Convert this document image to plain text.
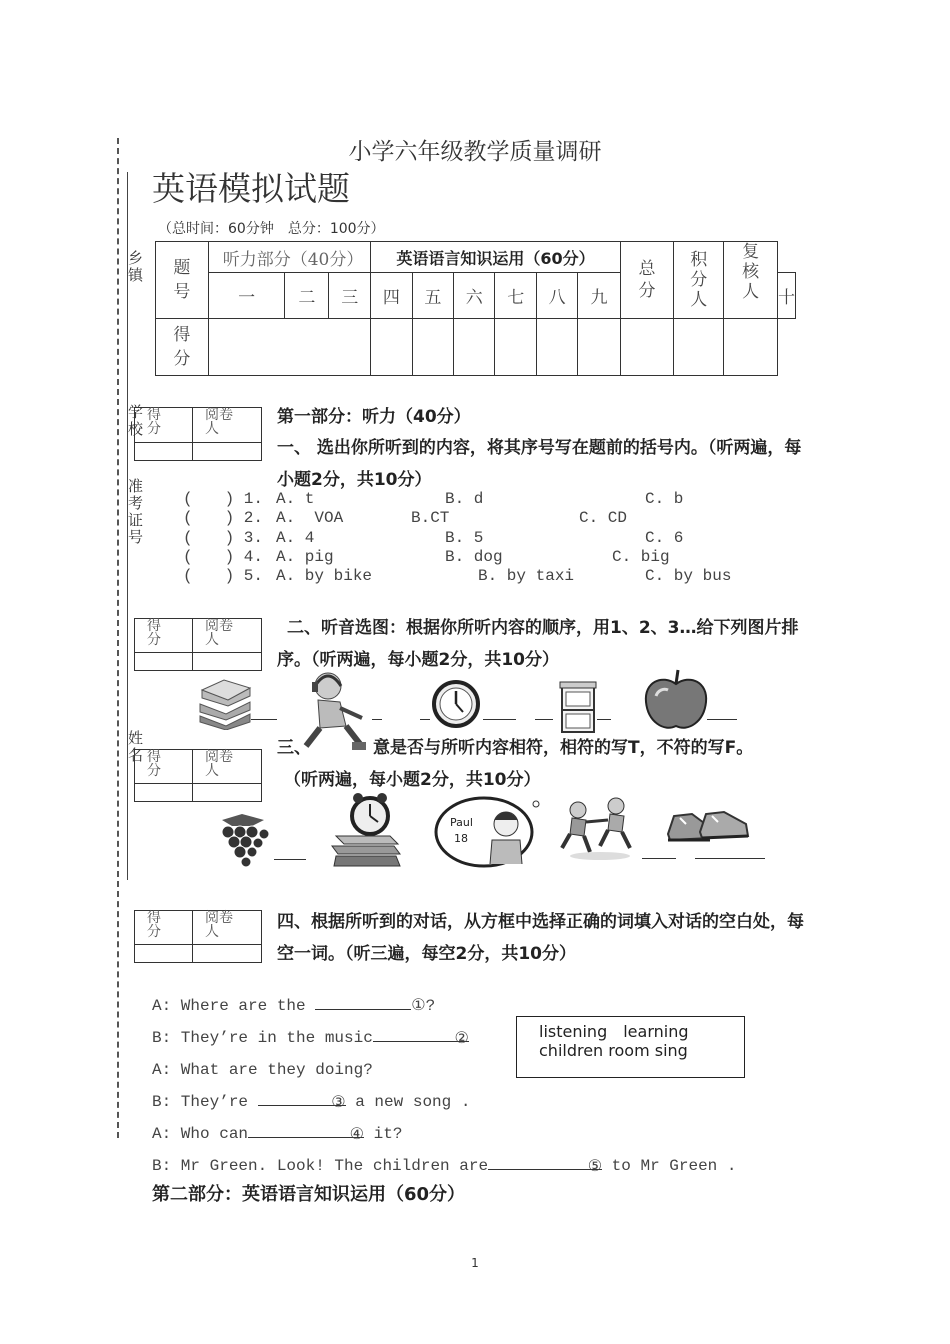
乡镇
学校
准考证号
姓名
小学六年级教学质量调研
英语模拟试题
（总时间：60分钟　总分：100分）
题号	听力部分（40分）			英语语言知识运用（60分）						总分	积分人	复核人	
	一	二	三	四	五	六	七	八	九				十
得分													
得分	阅卷人

得分	阅卷人

得分	阅卷人

得分	阅卷人

第一部分：听力（40分）
一、 选出你所听到的内容，将其序号写在题前的括号内。（听两遍，每小题2分，共10分）
(　　) 1. A. t	B. d	C. b
(　　) 2. A.  VOA	B.CT	C. CD
(　　) 3. A. 4	B. 5	C. 6
(　　) 4. A. pig	B. dog	C. big
(　　) 5. A. by bike	B. by taxi	C. by bus
二、听音选图：根据你所听内容的顺序，用1、2、3…给下列图片排序。（听两遍，每小题2分，共10分）
三、	意是否与所听内容相符，相符的写T，不符的写F。
（听两遍，每小题2分，共10分）
Paul
18
四、根据所听到的对话，从方框中选择正确的词填入对话的空白处，每空一词。（听三遍，每空2分，共10分）
listening　learning
children room sing
A: Where are the	①?
B: They’re in the music	②
A: What are they doing?
B: They’re	③ a new song .
A: Who can	④ it?
B: Mr Green. Look! The children are	⑤ to Mr Green .
第二部分：英语语言知识运用（60分）
1
